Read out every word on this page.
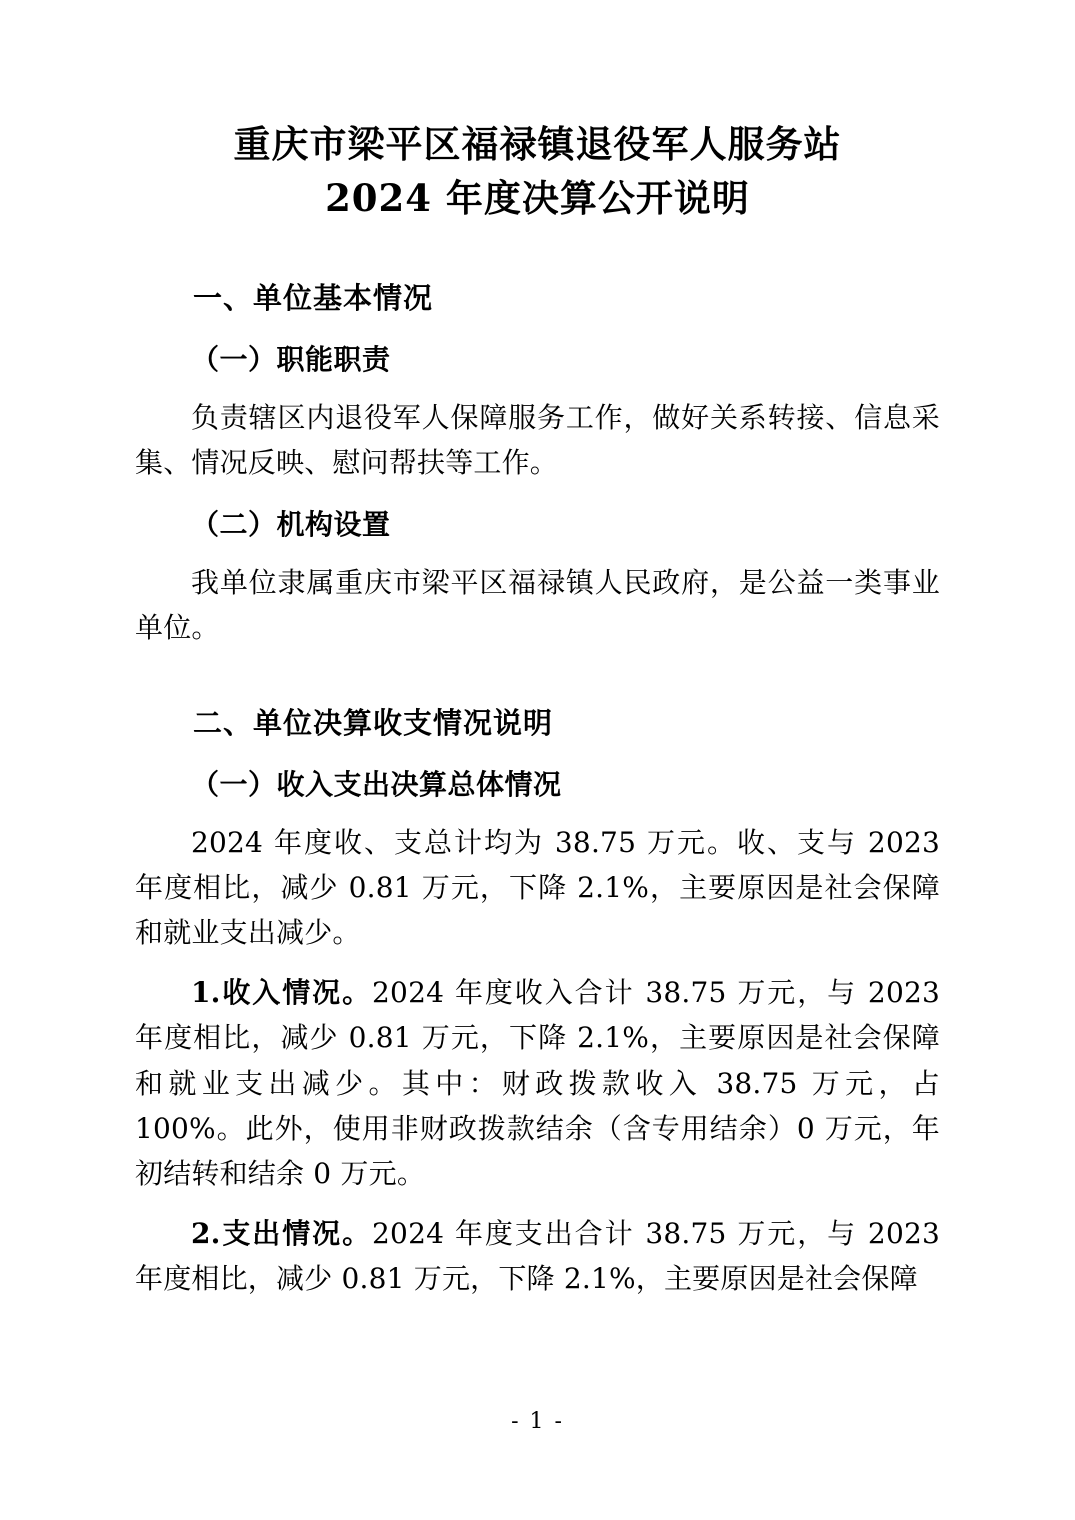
重庆市梁平区福禄镇退役军人服务站
2024 年度决算公开说明
一、单位基本情况
（一）职能职责
负责辖区内退役军人保障服务工作，做好关系转接、信息采集、情况反映、慰问帮扶等工作。
（二）机构设置
我单位隶属重庆市梁平区福禄镇人民政府，是公益一类事业单位。
二、单位决算收支情况说明
（一）收入支出决算总体情况
2024 年度收、支总计均为 38.75 万元。收、支与 2023 年度相比，减少 0.81 万元，下降 2.1%，主要原因是社会保障和就业支出减少。
1.收入情况。2024 年度收入合计 38.75 万元，与 2023 年度相比，减少 0.81 万元，下降 2.1%，主要原因是社会保障和就业支出减少。其中：财政拨款收入 38.75 万元，占 100%。此外，使用非财政拨款结余（含专用结余）0 万元，年初结转和结余 0 万元。
2.支出情况。2024 年度支出合计 38.75 万元，与 2023 年度相比，减少 0.81 万元，下降 2.1%，主要原因是社会保障
- 1 -
